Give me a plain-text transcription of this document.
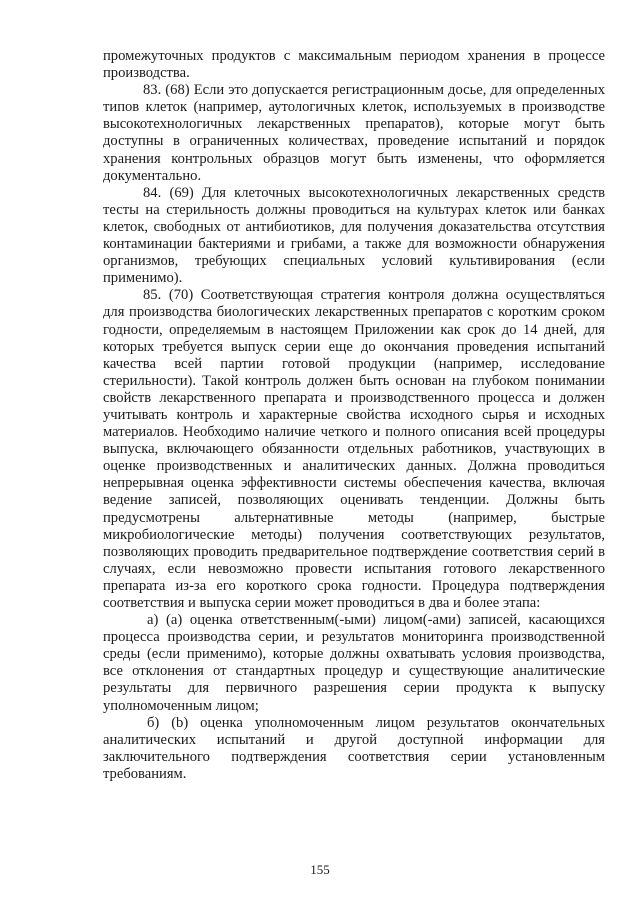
промежуточных продуктов с максимальным периодом хранения в процессе производства.

83. (68) Если это допускается регистрационным досье, для определенных типов клеток (например, аутологичных клеток, используемых в производстве высокотехнологичных лекарственных препаратов), которые могут быть доступны в ограниченных количествах, проведение испытаний и порядок хранения контрольных образцов могут быть изменены, что оформляется документально.

84. (69) Для клеточных высокотехнологичных лекарственных средств тесты на стерильность должны проводиться на культурах клеток или банках клеток, свободных от антибиотиков, для получения доказательства отсутствия контаминации бактериями и грибами, а также для возможности обнаружения организмов, требующих специальных условий культивирования (если применимо).

85. (70) Соответствующая стратегия контроля должна осуществляться для производства биологических лекарственных препаратов с коротким сроком годности, определяемым в настоящем Приложении как срок до 14 дней, для которых требуется выпуск серии еще до окончания проведения испытаний качества всей партии готовой продукции (например, исследование стерильности). Такой контроль должен быть основан на глубоком понимании свойств лекарственного препарата и производственного процесса и должен учитывать контроль и характерные свойства исходного сырья и исходных материалов. Необходимо наличие четкого и полного описания всей процедуры выпуска, включающего обязанности отдельных работников, участвующих в оценке производственных и аналитических данных. Должна проводиться непрерывная оценка эффективности системы обеспечения качества, включая ведение записей, позволяющих оценивать тенденции. Должны быть предусмотрены альтернативные методы (например, быстрые микробиологические методы) получения соответствующих результатов, позволяющих проводить предварительное подтверждение соответствия серий в случаях, если невозможно провести испытания готового лекарственного препарата из-за его короткого срока годности. Процедура подтверждения соответствия и выпуска серии может проводиться в два и более этапа:

а) (a) оценка ответственным(-ыми) лицом(-ами) записей, касающихся процесса производства серии, и результатов мониторинга производственной среды (если применимо), которые должны охватывать условия производства, все отклонения от стандартных процедур и существующие аналитические результаты для первичного разрешения серии продукта к выпуску уполномоченным лицом;

б) (b) оценка уполномоченным лицом результатов окончательных аналитических испытаний и другой доступной информации для заключительного подтверждения соответствия серии установленным требованиям.

155
